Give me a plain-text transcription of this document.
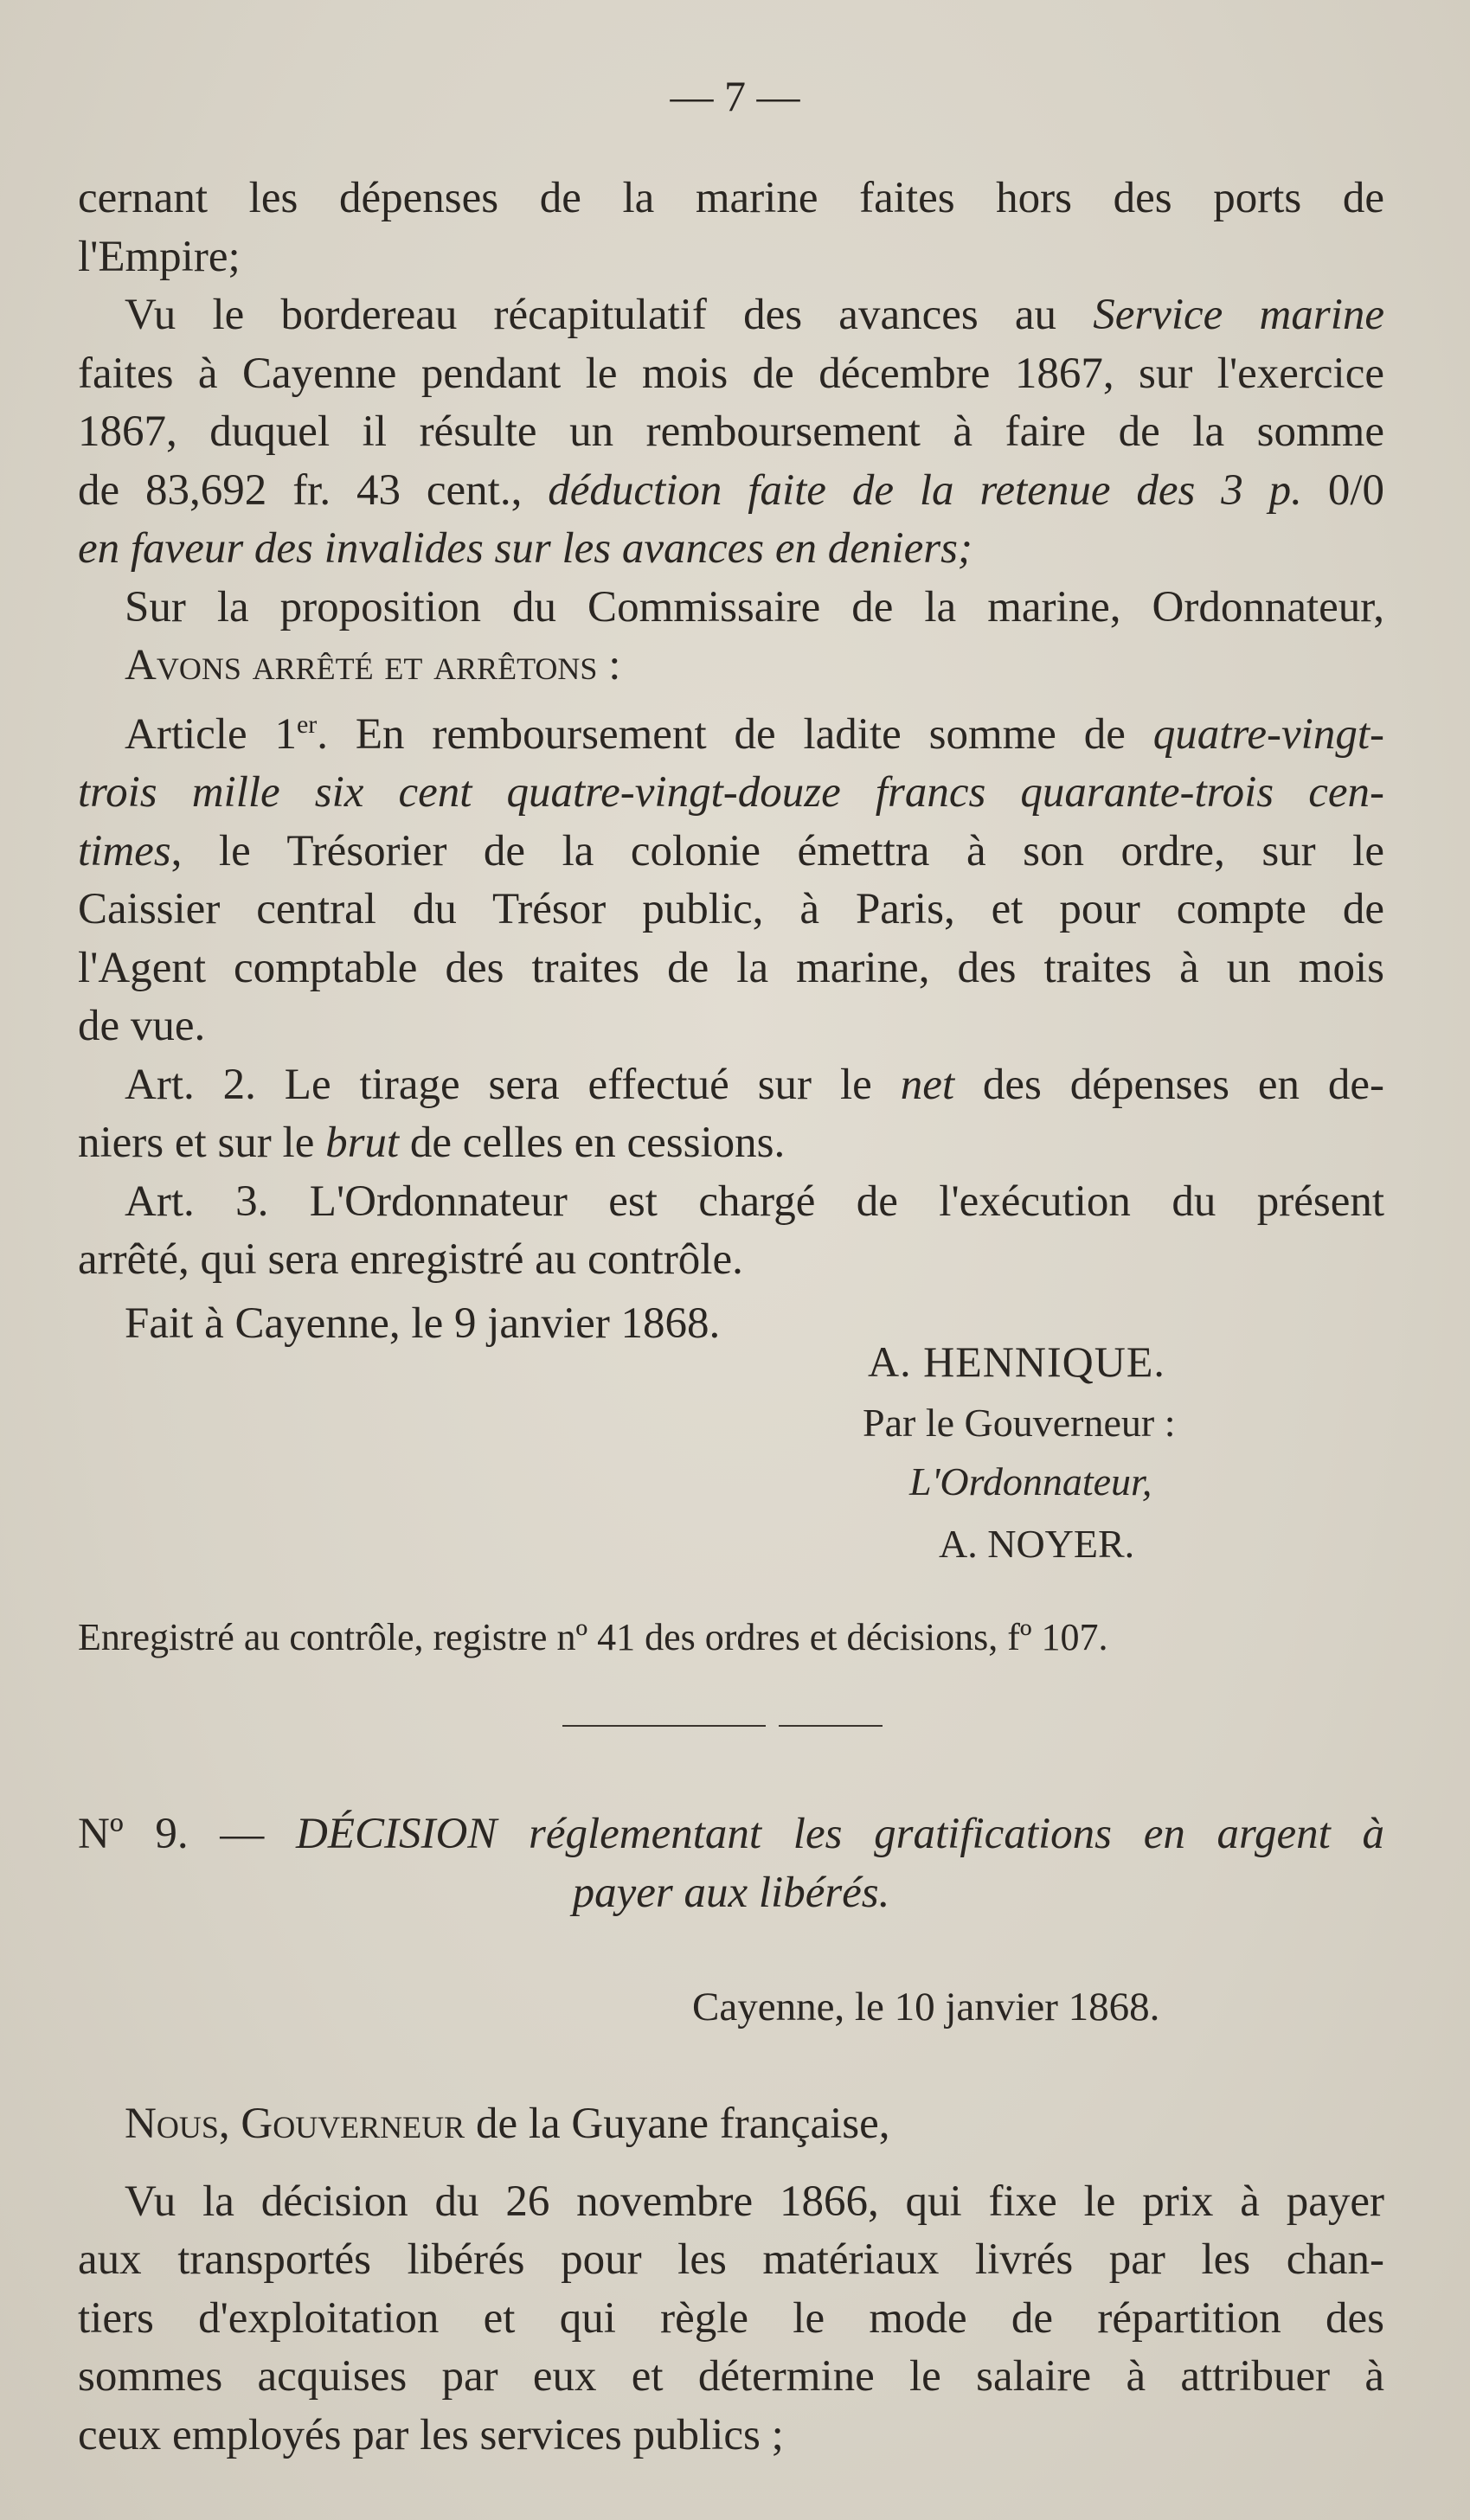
— 7 —
cernant les dépenses de la marine faites hors des ports de
l'Empire;
Vu le bordereau récapitulatif des avances au Service marine
faites à Cayenne pendant le mois de décembre 1867, sur l'exercice
1867, duquel il résulte un remboursement à faire de la somme
de 83,692 fr. 43 cent., déduction faite de la retenue des 3 p. 0/0
en faveur des invalides sur les avances en deniers;
Sur la proposition du Commissaire de la marine, Ordonnateur,
Avons arrêté et arrêtons :
Article 1er. En remboursement de ladite somme de quatre-vingt-
trois mille six cent quatre-vingt-douze francs quarante-trois cen-
times, le Trésorier de la colonie émettra à son ordre, sur le
Caissier central du Trésor public, à Paris, et pour compte de
l'Agent comptable des traites de la marine, des traites à un mois
de vue.
Art. 2. Le tirage sera effectué sur le net des dépenses en de-
niers et sur le brut de celles en cessions.
Art. 3. L'Ordonnateur est chargé de l'exécution du présent
arrêté, qui sera enregistré au contrôle.
Fait à Cayenne, le 9 janvier 1868.
A. HENNIQUE.
Par le Gouverneur :
L'Ordonnateur,
A. NOYER.
Enregistré au contrôle, registre nº 41 des ordres et décisions, fº 107.
Nº 9. — DÉCISION réglementant les gratifications en argent à
payer aux libérés.
Cayenne, le 10 janvier 1868.
Nous, Gouverneur de la Guyane française,
Vu la décision du 26 novembre 1866, qui fixe le prix à payer
aux transportés libérés pour les matériaux livrés par les chan-
tiers d'exploitation et qui règle le mode de répartition des
sommes acquises par eux et détermine le salaire à attribuer à
ceux employés par les services publics ;
